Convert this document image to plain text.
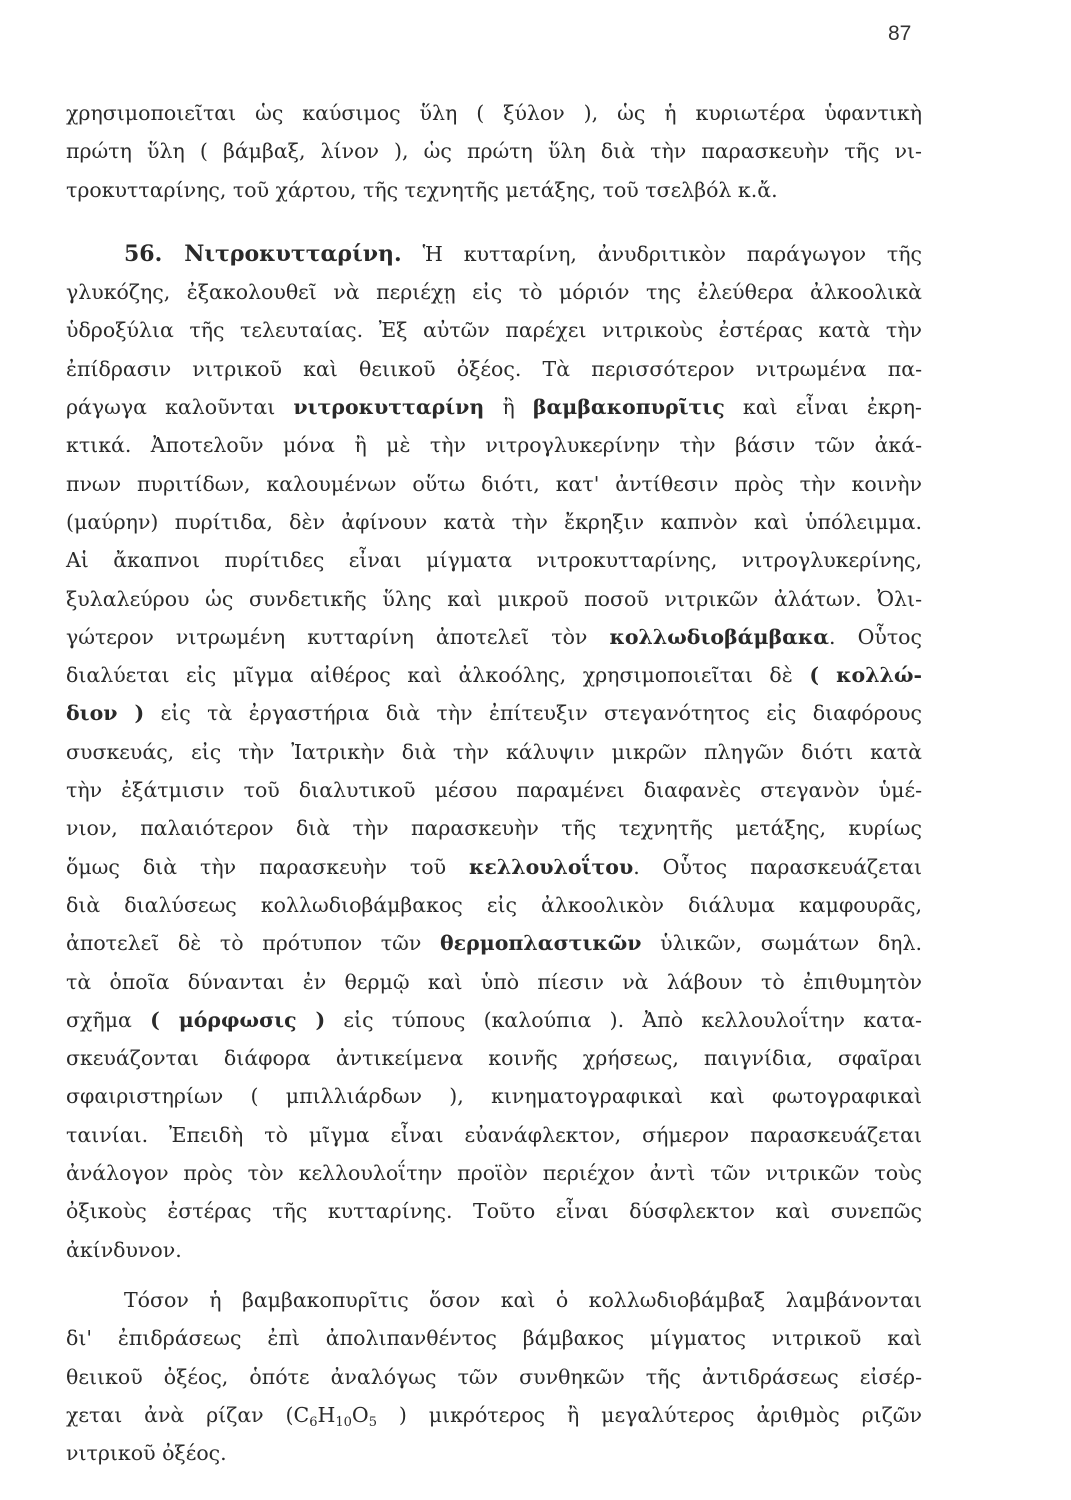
87
χρησιμοποιεῖται ὡς καύσιμος ὕλη ( ξύλον ), ὡς ἡ κυριωτέρα ὑφαντικὴ
πρώτη ὕλη ( βάμβαξ, λίνον ), ὡς πρώτη ὕλη διὰ τὴν παρασκευὴν τῆς νι-
τροκυτταρίνης, τοῦ χάρτου, τῆς τεχνητῆς μετάξης, τοῦ τσελβόλ κ.ἄ.
56. Νιτροκυτταρίνη. Ἡ κυτταρίνη, ἀνυδριτικὸν παράγωγον τῆς
γλυκόζης, ἐξακολουθεῖ νὰ περιέχῃ εἰς τὸ μόριόν της ἐλεύθερα ἀλκοολικὰ
ὑδροξύλια τῆς τελευταίας. Ἐξ αὐτῶν παρέχει νιτρικοὺς ἐστέρας κατὰ τὴν
ἐπίδρασιν νιτρικοῦ καὶ θειικοῦ ὀξέος. Τὰ περισσότερον νιτρωμένα πα-
ράγωγα καλοῦνται νιτροκυτταρίνη ἢ βαμβακοπυρῖτις καὶ εἶναι ἐκρη-
κτικά. Ἀποτελοῦν μόνα ἢ μὲ τὴν νιτρογλυκερίνην τὴν βάσιν τῶν ἀκά-
πνων πυριτίδων, καλουμένων οὕτω διότι, κατ' ἀντίθεσιν πρὸς τὴν κοινὴν
(μαύρην) πυρίτιδα, δὲν ἀφίνουν κατὰ τὴν ἔκρηξιν καπνὸν καὶ ὑπόλειμμα.
Αἱ ἄκαπνοι πυρίτιδες εἶναι μίγματα νιτροκυτταρίνης, νιτρογλυκερίνης,
ξυλαλεύρου ὡς συνδετικῆς ὕλης καὶ μικροῦ ποσοῦ νιτρικῶν ἀλάτων. Ὀλι-
γώτερον νιτρωμένη κυτταρίνη ἀποτελεῖ τὸν κολλωδιοβάμβακα. Οὗτος
διαλύεται εἰς μῖγμα αἰθέρος καὶ ἀλκοόλης, χρησιμοποιεῖται δὲ ( κολλώ-
διον ) εἰς τὰ ἐργαστήρια διὰ τὴν ἐπίτευξιν στεγανότητος εἰς διαφόρους
συσκευάς, εἰς τὴν Ἰατρικὴν διὰ τὴν κάλυψιν μικρῶν πληγῶν διότι κατὰ
τὴν ἐξάτμισιν τοῦ διαλυτικοῦ μέσου παραμένει διαφανὲς στεγανὸν ὑμέ-
νιον, παλαιότερον διὰ τὴν παρασκευὴν τῆς τεχνητῆς μετάξης, κυρίως
ὅμως διὰ τὴν παρασκευὴν τοῦ κελλουλοΐτου. Οὗτος παρασκευάζεται
διὰ διαλύσεως κολλωδιοβάμβακος εἰς ἀλκοολικὸν διάλυμα καμφουρᾶς,
ἀποτελεῖ δὲ τὸ πρότυπον τῶν θερμοπλαστικῶν ὑλικῶν, σωμάτων δηλ.
τὰ ὁποῖα δύνανται ἐν θερμῷ καὶ ὑπὸ πίεσιν νὰ λάβουν τὸ ἐπιθυμητὸν
σχῆμα ( μόρφωσις ) εἰς τύπους (καλούπια ). Ἀπὸ κελλουλοΐτην κατα-
σκευάζονται διάφορα ἀντικείμενα κοινῆς χρήσεως, παιγνίδια, σφαῖραι
σφαιριστηρίων ( μπιλλιάρδων ), κινηματογραφικαὶ καὶ φωτογραφικαὶ
ταινίαι. Ἐπειδὴ τὸ μῖγμα εἶναι εὐανάφλεκτον, σήμερον παρασκευάζεται
ἀνάλογον πρὸς τὸν κελλουλοΐτην προϊὸν περιέχον ἀντὶ τῶν νιτρικῶν τοὺς
ὀξικοὺς ἐστέρας τῆς κυτταρίνης. Τοῦτο εἶναι δύσφλεκτον καὶ συνεπῶς
ἀκίνδυνον.
Τόσον ἡ βαμβακοπυρῖτις ὅσον καὶ ὁ κολλωδιοβάμβαξ λαμβάνονται
δι' ἐπιδράσεως ἐπὶ ἀπολιπανθέντος βάμβακος μίγματος νιτρικοῦ καὶ
θειικοῦ ὀξέος, ὁπότε ἀναλόγως τῶν συνθηκῶν τῆς ἀντιδράσεως εἰσέρ-
χεται ἀνὰ ρίζαν ($C_6H_{10}O_5$ ) μικρότερος ἢ μεγαλύτερος ἀριθμὸς ριζῶν
νιτρικοῦ ὀξέος.
